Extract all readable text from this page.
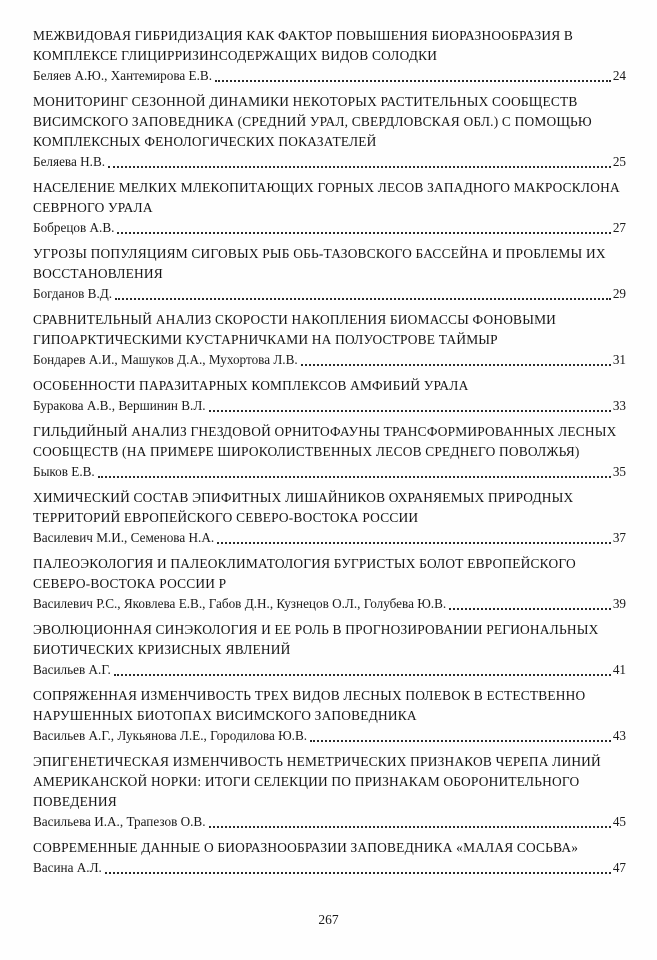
МЕЖВИДОВАЯ ГИБРИДИЗАЦИЯ КАК ФАКТОР ПОВЫШЕНИЯ БИОРАЗНООБРАЗИЯ В КОМПЛЕКСЕ ГЛИЦИРРИЗИНСОДЕРЖАЩИХ ВИДОВ СОЛОДКИ
Беляев А.Ю., Хантемирова Е.В.	24
МОНИТОРИНГ СЕЗОННОЙ ДИНАМИКИ НЕКОТОРЫХ РАСТИТЕЛЬНЫХ СООБЩЕСТВ ВИСИМСКОГО ЗАПОВЕДНИКА (СРЕДНИЙ УРАЛ, СВЕРДЛОВСКАЯ ОБЛ.) С ПОМОЩЬЮ КОМПЛЕКСНЫХ ФЕНОЛОГИЧЕСКИХ ПОКАЗАТЕЛЕЙ
Беляева Н.В.	25
НАСЕЛЕНИЕ МЕЛКИХ МЛЕКОПИТАЮЩИХ ГОРНЫХ ЛЕСОВ ЗАПАДНОГО МАКРОСКЛОНА СЕВРНОГО УРАЛА
Бобрецов А.В.	27
УГРОЗЫ ПОПУЛЯЦИЯМ СИГОВЫХ РЫБ ОБЬ-ТАЗОВСКОГО БАССЕЙНА И ПРОБЛЕМЫ ИХ ВОССТАНОВЛЕНИЯ
Богданов В.Д.	29
СРАВНИТЕЛЬНЫЙ АНАЛИЗ СКОРОСТИ НАКОПЛЕНИЯ БИОМАССЫ ФОНОВЫМИ ГИПОАРКТИЧЕСКИМИ КУСТАРНИЧКАМИ НА ПОЛУОСТРОВЕ ТАЙМЫР
Бондарев А.И., Машуков Д.А., Мухортова Л.В.	31
ОСОБЕННОСТИ ПАРАЗИТАРНЫХ КОМПЛЕКСОВ АМФИБИЙ УРАЛА
Буракова А.В., Вершинин В.Л.	33
ГИЛЬДИЙНЫЙ АНАЛИЗ ГНЕЗДОВОЙ ОРНИТОФАУНЫ ТРАНСФОРМИРОВАННЫХ ЛЕСНЫХ СООБЩЕСТВ (НА ПРИМЕРЕ ШИРОКОЛИСТВЕННЫХ ЛЕСОВ СРЕДНЕГО ПОВОЛЖЬЯ)
Быков Е.В.	35
ХИМИЧЕСКИЙ СОСТАВ ЭПИФИТНЫХ ЛИШАЙНИКОВ ОХРАНЯЕМЫХ ПРИРОДНЫХ ТЕРРИТОРИЙ ЕВРОПЕЙСКОГО СЕВЕРО-ВОСТОКА РОССИИ
Василевич М.И., Семенова Н.А.	37
ПАЛЕОЭКОЛОГИЯ И ПАЛЕОКЛИМАТОЛОГИЯ БУГРИСТЫХ БОЛОТ ЕВРОПЕЙСКОГО СЕВЕРО-ВОСТОКА РОССИИ Р
Василевич Р.С., Яковлева Е.В., Габов Д.Н., Кузнецов О.Л., Голубева Ю.В.	39
ЭВОЛЮЦИОННАЯ СИНЭКОЛОГИЯ И ЕЕ РОЛЬ В ПРОГНОЗИРОВАНИИ РЕГИОНАЛЬНЫХ БИОТИЧЕСКИХ КРИЗИСНЫХ ЯВЛЕНИЙ
Васильев А.Г.	41
СОПРЯЖЕННАЯ ИЗМЕНЧИВОСТЬ ТРЕХ ВИДОВ ЛЕСНЫХ ПОЛЕВОК В ЕСТЕСТВЕННО НАРУШЕННЫХ БИОТОПАХ ВИСИМСКОГО ЗАПОВЕДНИКА
Васильев А.Г., Лукьянова Л.Е., Городилова Ю.В.	43
ЭПИГЕНЕТИЧЕСКАЯ ИЗМЕНЧИВОСТЬ НЕМЕТРИЧЕСКИХ ПРИЗНАКОВ ЧЕРЕПА ЛИНИЙ АМЕРИКАНСКОЙ НОРКИ: ИТОГИ СЕЛЕКЦИИ ПО ПРИЗНАКАМ ОБОРОНИТЕЛЬНОГО ПОВЕДЕНИЯ
Васильева И.А., Трапезов О.В.	45
СОВРЕМЕННЫЕ ДАННЫЕ О БИОРАЗНООБРАЗИИ ЗАПОВЕДНИКА «МАЛАЯ СОСЬВА»
Васина А.Л.	47
267
